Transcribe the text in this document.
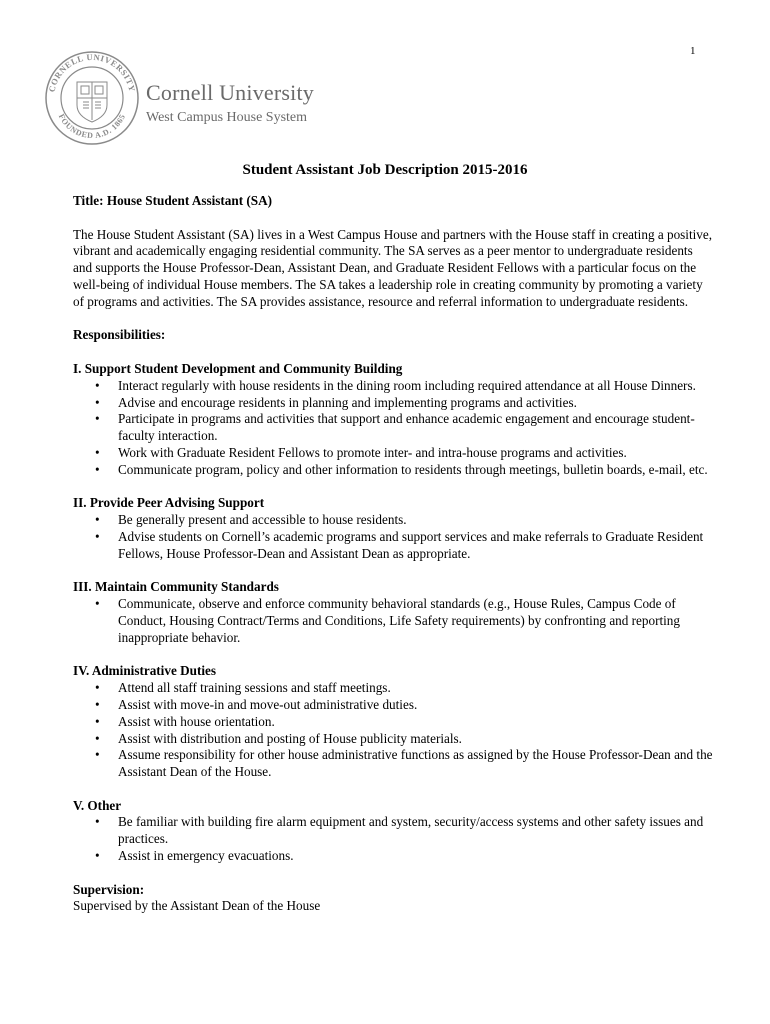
1
CORNELL UNIVERSITY
FOUNDED A.D. 1865
Cornell University
West Campus House System
Student Assistant Job Description 2015-2016

Title: House Student Assistant (SA)

The House Student Assistant (SA) lives in a West Campus House and partners with the House staff in creating a positive, vibrant and academically engaging residential community. The SA serves as a peer mentor to undergraduate residents and supports the House Professor-Dean, Assistant Dean, and Graduate Resident Fellows with a particular focus on the well-being of individual House members. The SA takes a leadership role in creating community by promoting a variety of programs and activities. The SA provides assistance, resource and referral information to undergraduate residents.

Responsibilities:

I. Support Student Development and Community Building
• Interact regularly with house residents in the dining room including required attendance at all House Dinners.
• Advise and encourage residents in planning and implementing programs and activities.
• Participate in programs and activities that support and enhance academic engagement and encourage student-faculty interaction.
• Work with Graduate Resident Fellows to promote inter- and intra-house programs and activities.
• Communicate program, policy and other information to residents through meetings, bulletin boards, e-mail, etc.
II. Provide Peer Advising Support
• Be generally present and accessible to house residents.
• Advise students on Cornell’s academic programs and support services and make referrals to Graduate Resident Fellows, House Professor-Dean and Assistant Dean as appropriate.
III. Maintain Community Standards
• Communicate, observe and enforce community behavioral standards (e.g., House Rules, Campus Code of Conduct, Housing Contract/Terms and Conditions, Life Safety requirements) by confronting and reporting inappropriate behavior.
IV. Administrative Duties
• Attend all staff training sessions and staff meetings.
• Assist with move-in and move-out administrative duties.
• Assist with house orientation.
• Assist with distribution and posting of House publicity materials.
• Assume responsibility for other house administrative functions as assigned by the House Professor-Dean and the Assistant Dean of the House.
V. Other
• Be familiar with building fire alarm equipment and system, security/access systems and other safety issues and practices.
• Assist in emergency evacuations.
Supervision:
Supervised by the Assistant Dean of the House
